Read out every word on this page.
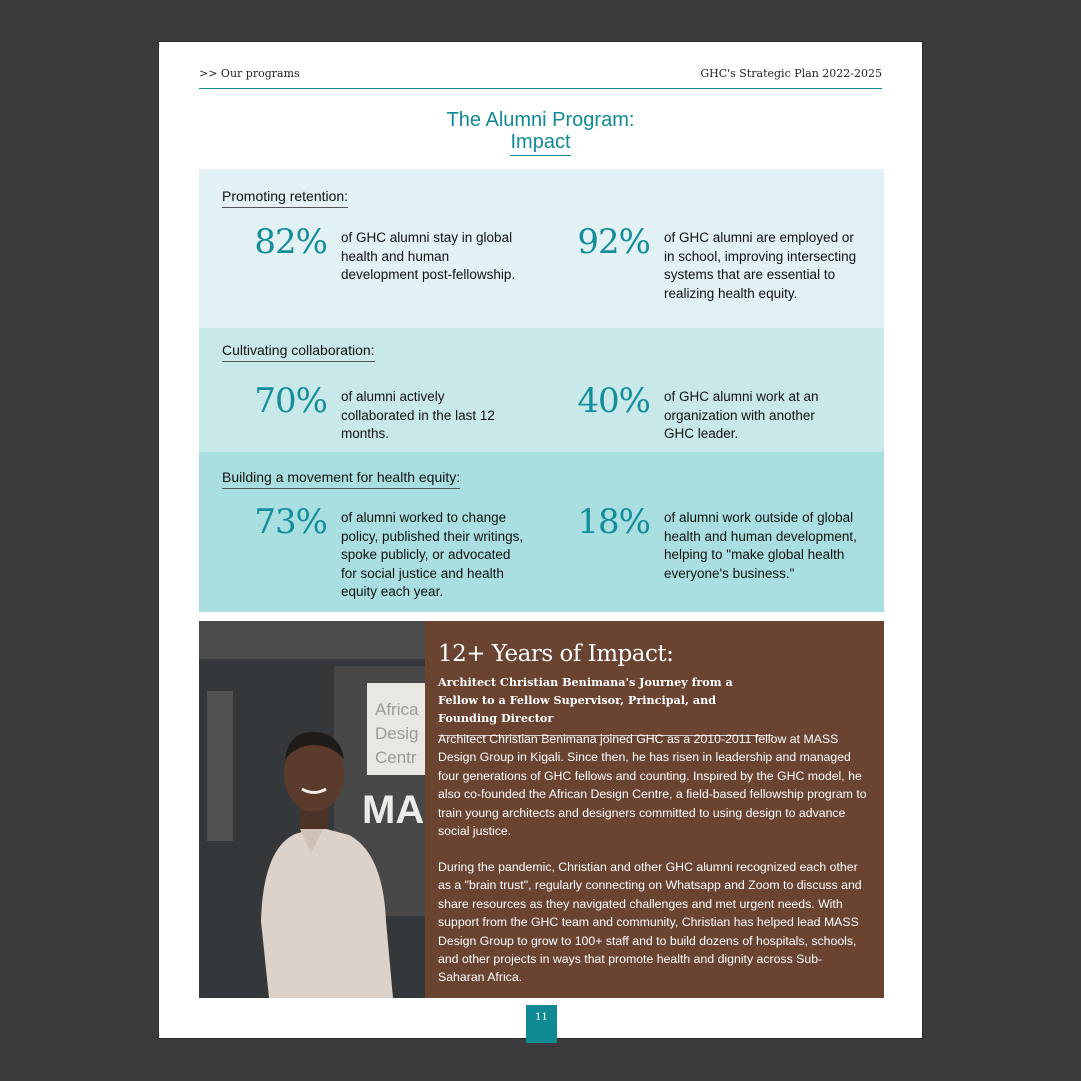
>> Our programs	GHC's Strategic Plan 2022-2025
The Alumni Program:
Impact
Promoting retention:
82% of GHC alumni stay in global health and human development post-fellowship.

92% of GHC alumni are employed or in school, improving intersecting systems that are essential to realizing health equity.

Cultivating collaboration:
70% of alumni actively collaborated in the last 12 months.

40% of GHC alumni work at an organization with another GHC leader.

Building a movement for health equity:
73% of alumni worked to change policy, published their writings, spoke publicly, or advocated for social justice and health equity each year.

18% of alumni work outside of global health and human development, helping to "make global health everyone's business."

Africa
Desig
Centr
MA
12+ Years of Impact:
Architect Christian Benimana's Journey from a Fellow to a Fellow Supervisor, Principal, and Founding Director

Architect Christian Benimana joined GHC as a 2010-2011 fellow at MASS Design Group in Kigali. Since then, he has risen in leadership and managed four generations of GHC fellows and counting. Inspired by the GHC model, he also co-founded the African Design Centre, a field-based fellowship program to train young architects and designers committed to using design to advance social justice.

During the pandemic, Christian and other GHC alumni recognized each other as a "brain trust", regularly connecting on Whatsapp and Zoom to discuss and share resources as they navigated challenges and met urgent needs. With support from the GHC team and community, Christian has helped lead MASS Design Group to grow to 100+ staff and to build dozens of hospitals, schools, and other projects in ways that promote health and dignity across Sub-Saharan Africa.

11
